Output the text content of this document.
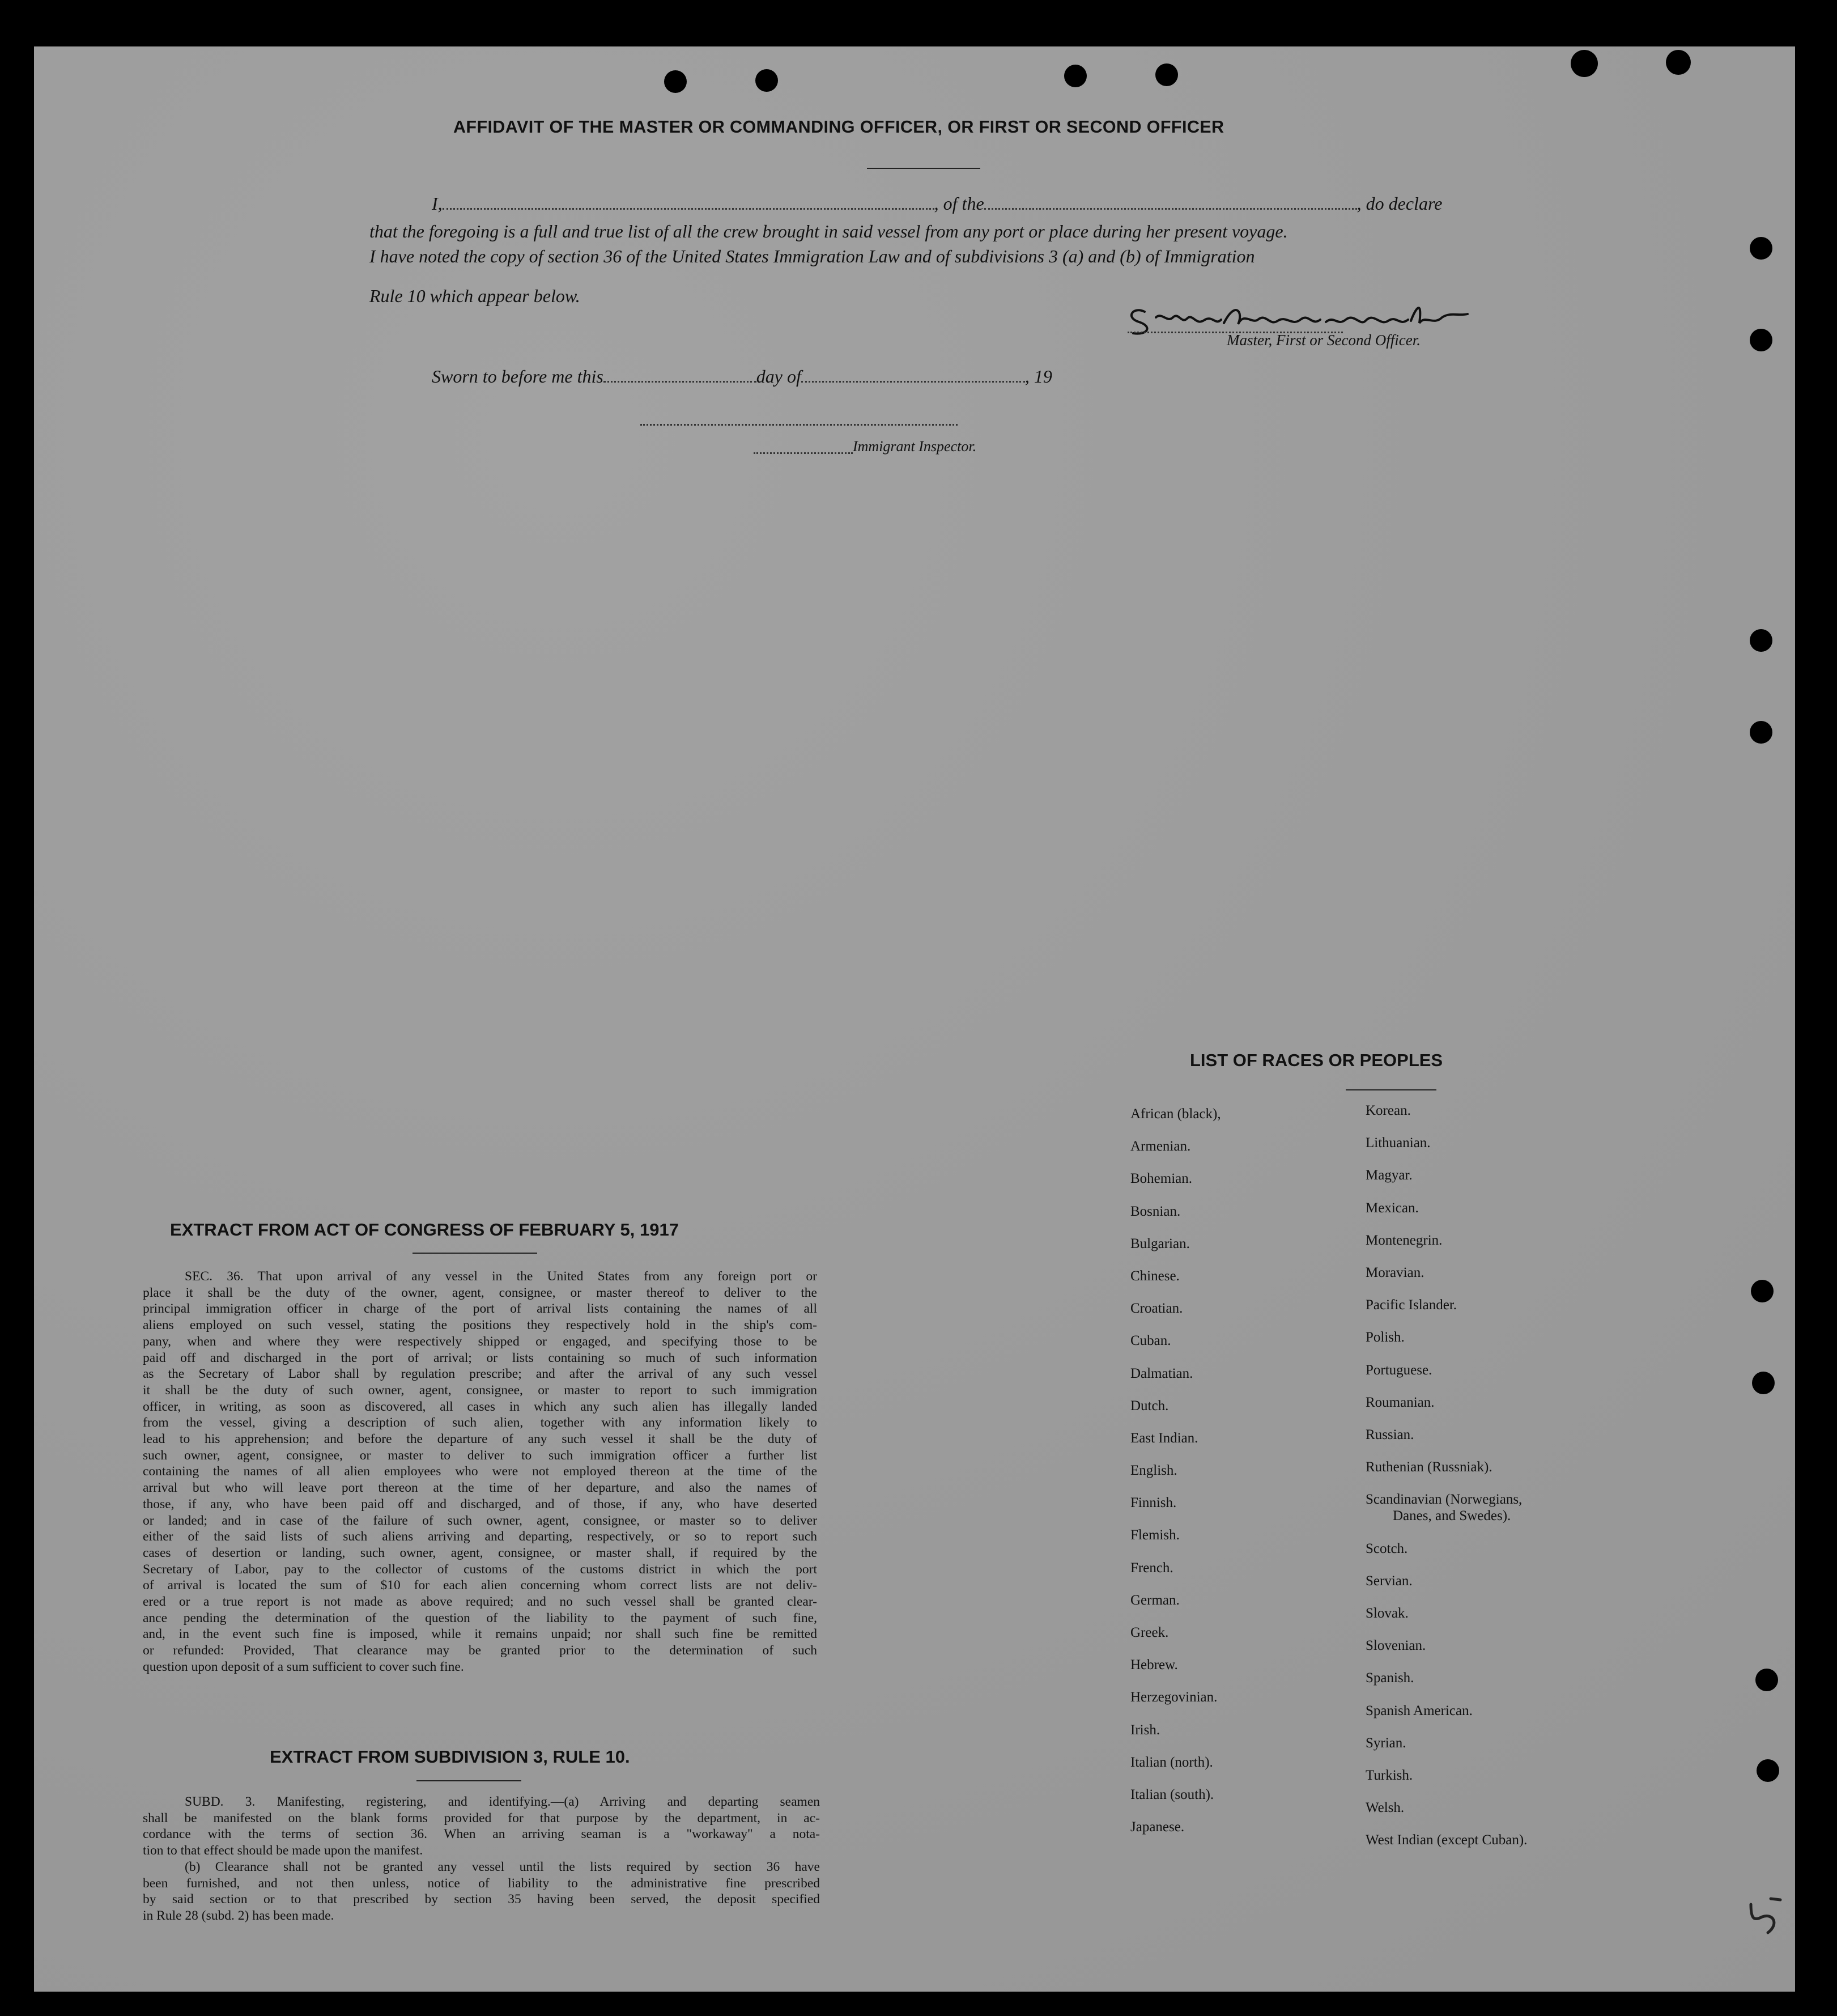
AFFIDAVIT OF THE MASTER OR COMMANDING OFFICER, OR FIRST OR SECOND OFFICER
I,	, of the	, do declare
that the foregoing is a full and true list of all the crew brought in said vessel from any port or place during her present voyage.
I have noted the copy of section 36 of the United States Immigration Law and of subdivisions 3 (a) and (b) of Immigration
Rule 10 which appear below.
Master, First or Second Officer.
Sworn to before me this	day of	, 19
Immigrant Inspector.
EXTRACT FROM ACT OF CONGRESS OF FEBRUARY 5, 1917
SEC. 36. That upon arrival of any vessel in the United States from any foreign port or
place it shall be the duty of the owner, agent, consignee, or master thereof to deliver to the
principal immigration officer in charge of the port of arrival lists containing the names of all
aliens employed on such vessel, stating the positions they respectively hold in the ship's com-
pany, when and where they were respectively shipped or engaged, and specifying those to be
paid off and discharged in the port of arrival; or lists containing so much of such information
as the Secretary of Labor shall by regulation prescribe; and after the arrival of any such vessel
it shall be the duty of such owner, agent, consignee, or master to report to such immigration
officer, in writing, as soon as discovered, all cases in which any such alien has illegally landed
from the vessel, giving a description of such alien, together with any information likely to
lead to his apprehension; and before the departure of any such vessel it shall be the duty of
such owner, agent, consignee, or master to deliver to such immigration officer a further list
containing the names of all alien employees who were not employed thereon at the time of the
arrival but who will leave port thereon at the time of her departure, and also the names of
those, if any, who have been paid off and discharged, and of those, if any, who have deserted
or landed; and in case of the failure of such owner, agent, consignee, or master so to deliver
either of the said lists of such aliens arriving and departing, respectively, or so to report such
cases of desertion or landing, such owner, agent, consignee, or master shall, if required by the
Secretary of Labor, pay to the collector of customs of the customs district in which the port
of arrival is located the sum of $10 for each alien concerning whom correct lists are not deliv-
ered or a true report is not made as above required; and no such vessel shall be granted clear-
ance pending the determination of the question of the liability to the payment of such fine,
and, in the event such fine is imposed, while it remains unpaid; nor shall such fine be remitted
or refunded: Provided, That clearance may be granted prior to the determination of such
question upon deposit of a sum sufficient to cover such fine.
EXTRACT FROM SUBDIVISION 3, RULE 10.
SUBD. 3. Manifesting, registering, and identifying.—(a) Arriving and departing seamen
shall be manifested on the blank forms provided for that purpose by the department, in ac-
cordance with the terms of section 36. When an arriving seaman is a "workaway" a nota-
tion to that effect should be made upon the manifest.
(b) Clearance shall not be granted any vessel until the lists required by section 36 have
been furnished, and not then unless, notice of liability to the administrative fine prescribed
by said section or to that prescribed by section 35 having been served, the deposit specified
in Rule 28 (subd. 2) has been made.
LIST OF RACES OR PEOPLES
African (black),
Armenian.
Bohemian.
Bosnian.
Bulgarian.
Chinese.
Croatian.
Cuban.
Dalmatian.
Dutch.
East Indian.
English.
Finnish.
Flemish.
French.
German.
Greek.
Hebrew.
Herzegovinian.
Irish.
Italian (north).
Italian (south).
Japanese.
Korean.
Lithuanian.
Magyar.
Mexican.
Montenegrin.
Moravian.
Pacific Islander.
Polish.
Portuguese.
Roumanian.
Russian.
Ruthenian (Russniak).
Scandinavian (Norwegians,
Danes, and Swedes).
Scotch.
Servian.
Slovak.
Slovenian.
Spanish.
Spanish American.
Syrian.
Turkish.
Welsh.
West Indian (except Cuban).
